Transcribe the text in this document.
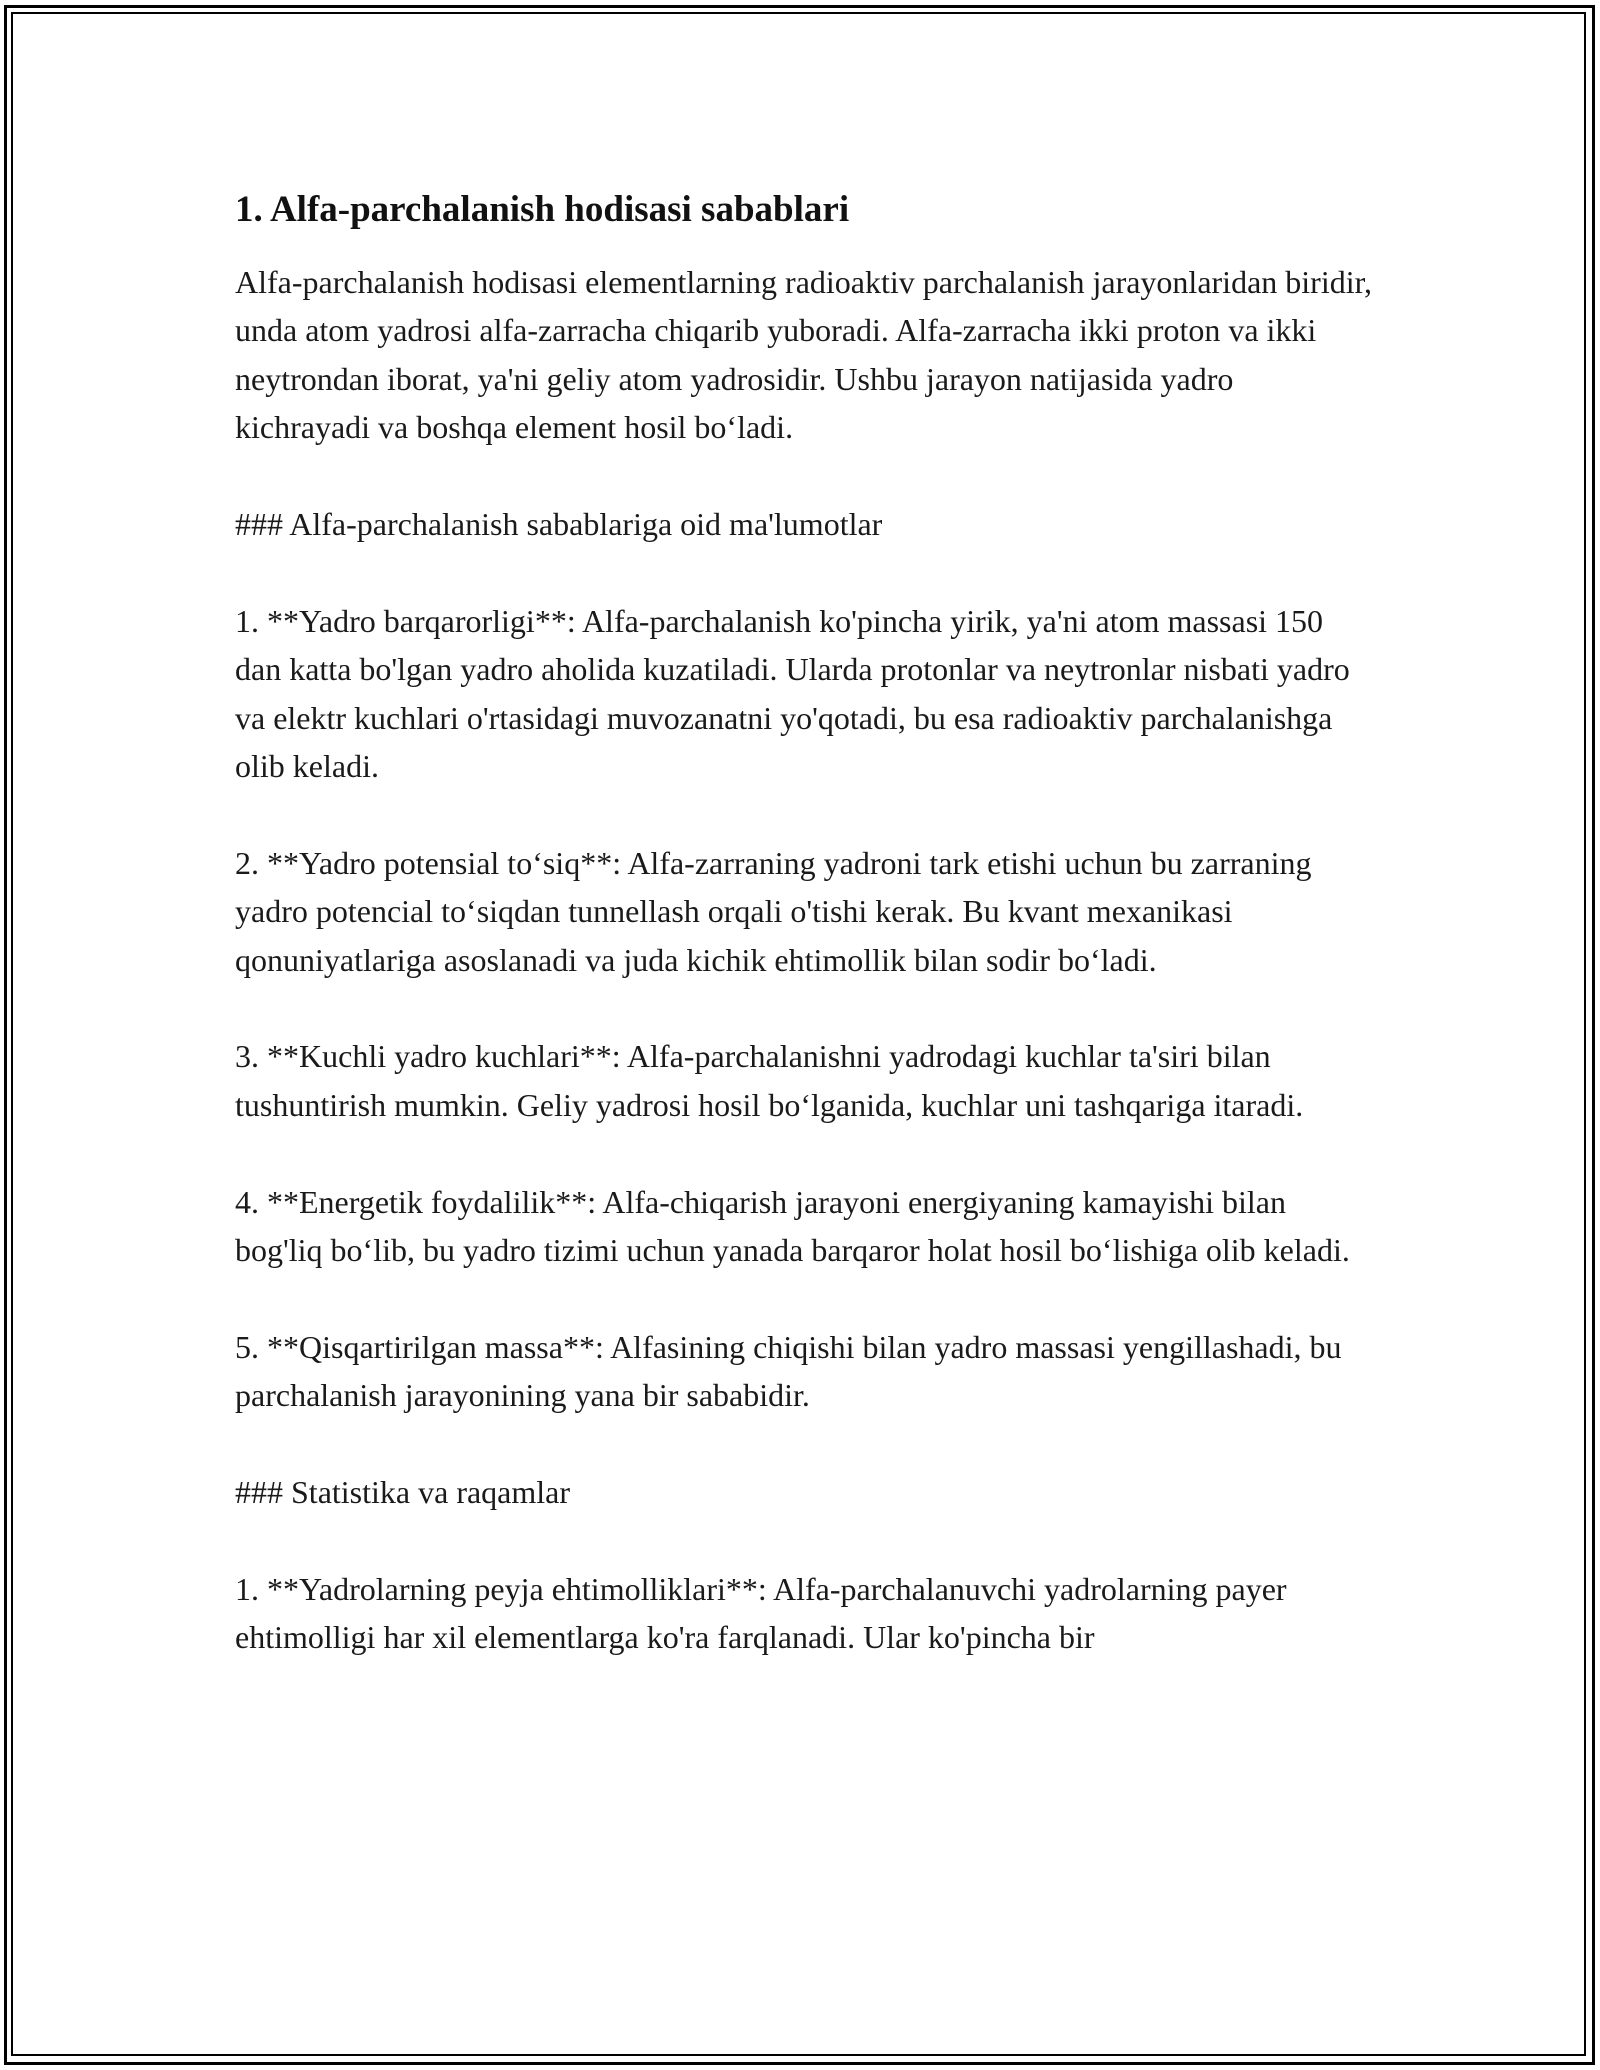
1. Alfa-parchalanish hodisasi sabablari

Alfa-parchalanish hodisasi elementlarning radioaktiv parchalanish jarayonlaridan biridir, unda atom yadrosi alfa-zarracha chiqarib yuboradi. Alfa-zarracha ikki proton va ikki neytrondan iborat, ya'ni geliy atom yadrosidir. Ushbu jarayon natijasida yadro kichrayadi va boshqa element hosil bo‘ladi.

### Alfa-parchalanish sabablariga oid ma'lumotlar

1. **Yadro barqarorligi**: Alfa-parchalanish ko'pincha yirik, ya'ni atom massasi 150 dan katta bo'lgan yadro aholida kuzatiladi. Ularda protonlar va neytronlar nisbati yadro va elektr kuchlari o'rtasidagi muvozanatni yo'qotadi, bu esa radioaktiv parchalanishga olib keladi.

2. **Yadro potensial to‘siq**: Alfa-zarraning yadroni tark etishi uchun bu zarraning yadro potencial to‘siqdan tunnellash orqali o'tishi kerak. Bu kvant mexanikasi qonuniyatlariga asoslanadi va juda kichik ehtimollik bilan sodir bo‘ladi.

3. **Kuchli yadro kuchlari**: Alfa-parchalanishni yadrodagi kuchlar ta'siri bilan tushuntirish mumkin. Geliy yadrosi hosil bo‘lganida, kuchlar uni tashqariga itaradi.

4. **Energetik foydalilik**: Alfa-chiqarish jarayoni energiyaning kamayishi bilan bog'liq bo‘lib, bu yadro tizimi uchun yanada barqaror holat hosil bo‘lishiga olib keladi.

5. **Qisqartirilgan massa**: Alfasining chiqishi bilan yadro massasi yengillashadi, bu parchalanish jarayonining yana bir sababidir.

### Statistika va raqamlar

1. **Yadrolarning peyja ehtimolliklari**: Alfa-parchalanuvchi yadrolarning payer ehtimolligi har xil elementlarga ko'ra farqlanadi. Ular ko'pincha bir
